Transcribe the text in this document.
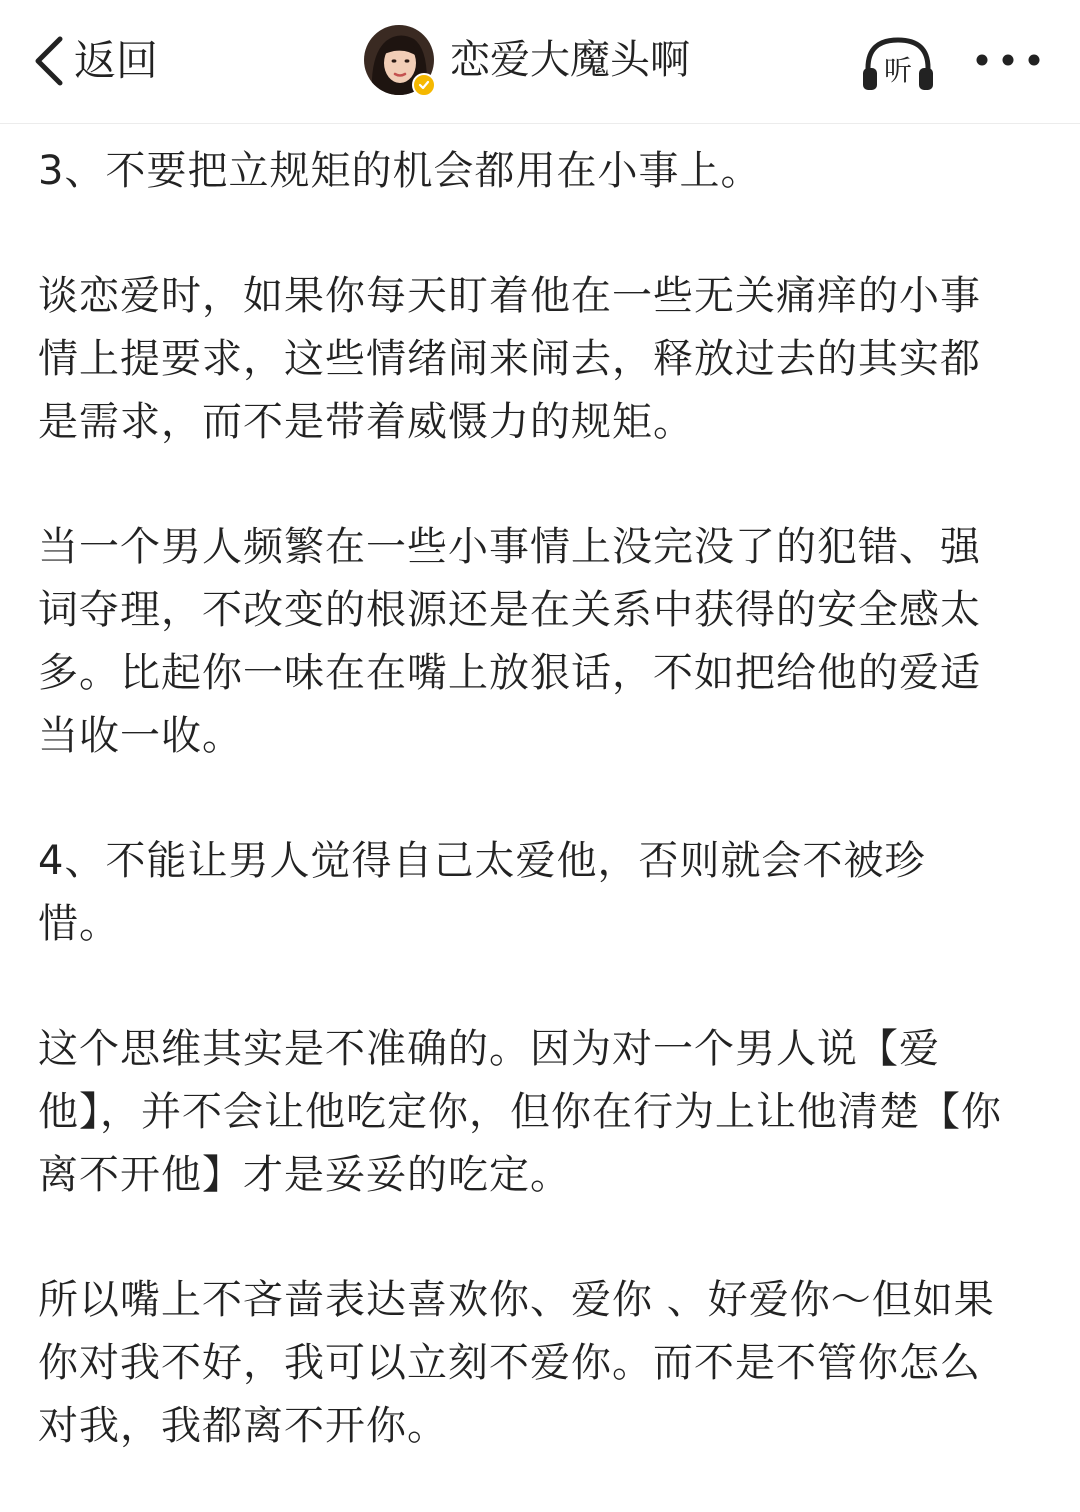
返回	恋爱大魔头啊	听

3、不要把立规矩的机会都用在小事上。

谈恋爱时，如果你每天盯着他在一些无关痛痒的小事
情上提要求，这些情绪闹来闹去，释放过去的其实都
是需求，而不是带着威慑力的规矩。

当一个男人频繁在一些小事情上没完没了的犯错、强
词夺理，不改变的根源还是在关系中获得的安全感太
多。比起你一味在在嘴上放狠话，不如把给他的爱适
当收一收。

4、不能让男人觉得自己太爱他，否则就会不被珍
惜。

这个思维其实是不准确的。因为对一个男人说【爱
他】，并不会让他吃定你，但你在行为上让他清楚【你
离不开他】才是妥妥的吃定。

所以嘴上不吝啬表达喜欢你、爱你 、好爱你～但如果
你对我不好，我可以立刻不爱你。而不是不管你怎么
对我，我都离不开你。
